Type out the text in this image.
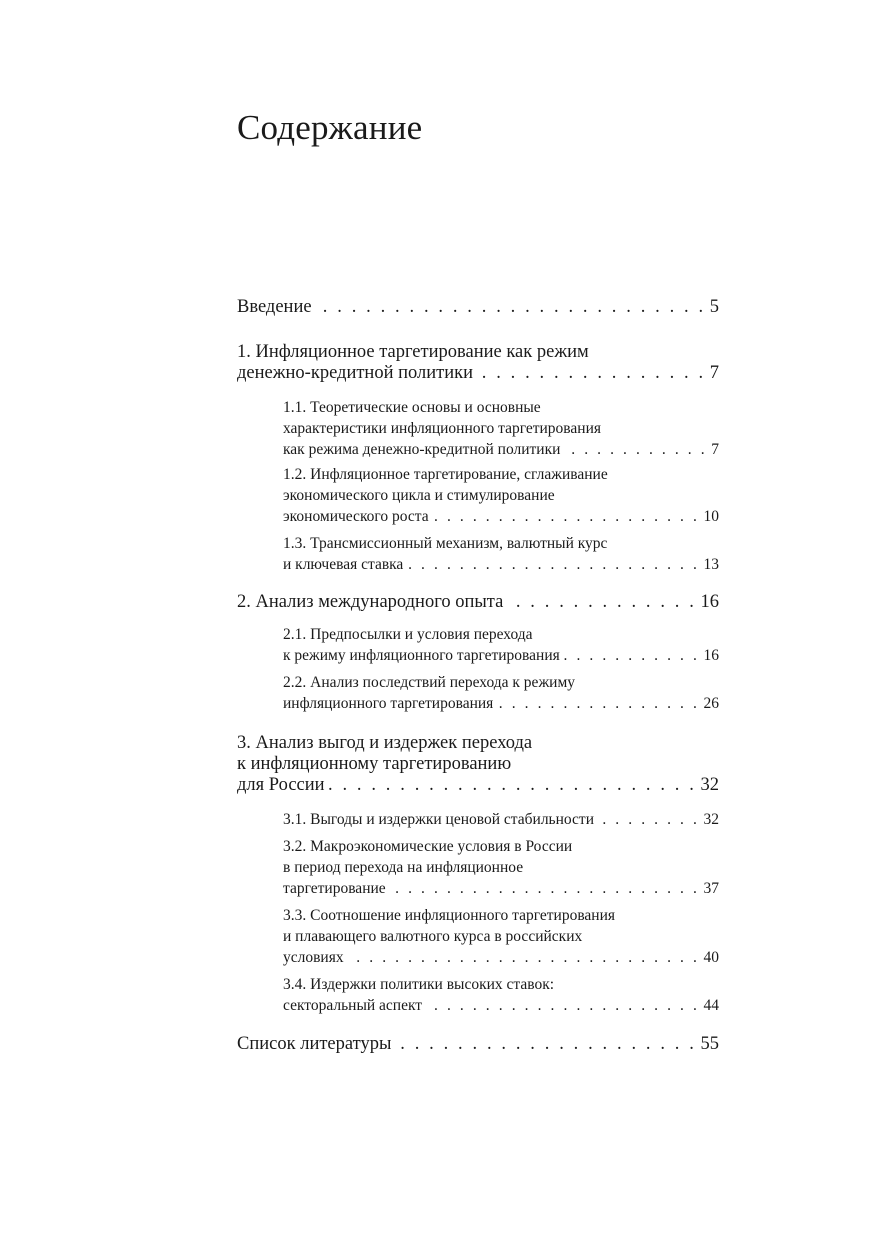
Содержание
Введение . . .	5
1. Инфляционное таргетирование как режим
денежно-кредитной политики . . .	7
1.1. Теоретические основы и основные
характеристики инфляционного таргетирования
как режима денежно-кредитной политики . . .	7
1.2. Инфляционное таргетирование, сглаживание
экономического цикла и стимулирование
экономического роста . . .	10
1.3. Трансмиссионный механизм, валютный курс
и ключевая ставка . . .	13
2. Анализ международного опыта . . .	16
2.1. Предпосылки и условия перехода
к режиму инфляционного таргетирования . . .	16
2.2. Анализ последствий перехода к режиму
инфляционного таргетирования . . .	26
3. Анализ выгод и издержек перехода
к инфляционному таргетированию
для России . . .	32
3.1. Выгоды и издержки ценовой стабильности . . .	32
3.2. Макроэкономические условия в России
в период перехода на инфляционное
таргетирование . . .	37
3.3. Соотношение инфляционного таргетирования
и плавающего валютного курса в российских
условиях . . .	40
3.4. Издержки политики высоких ставок:
секторальный аспект . . .	44
Список литературы . . .	55
